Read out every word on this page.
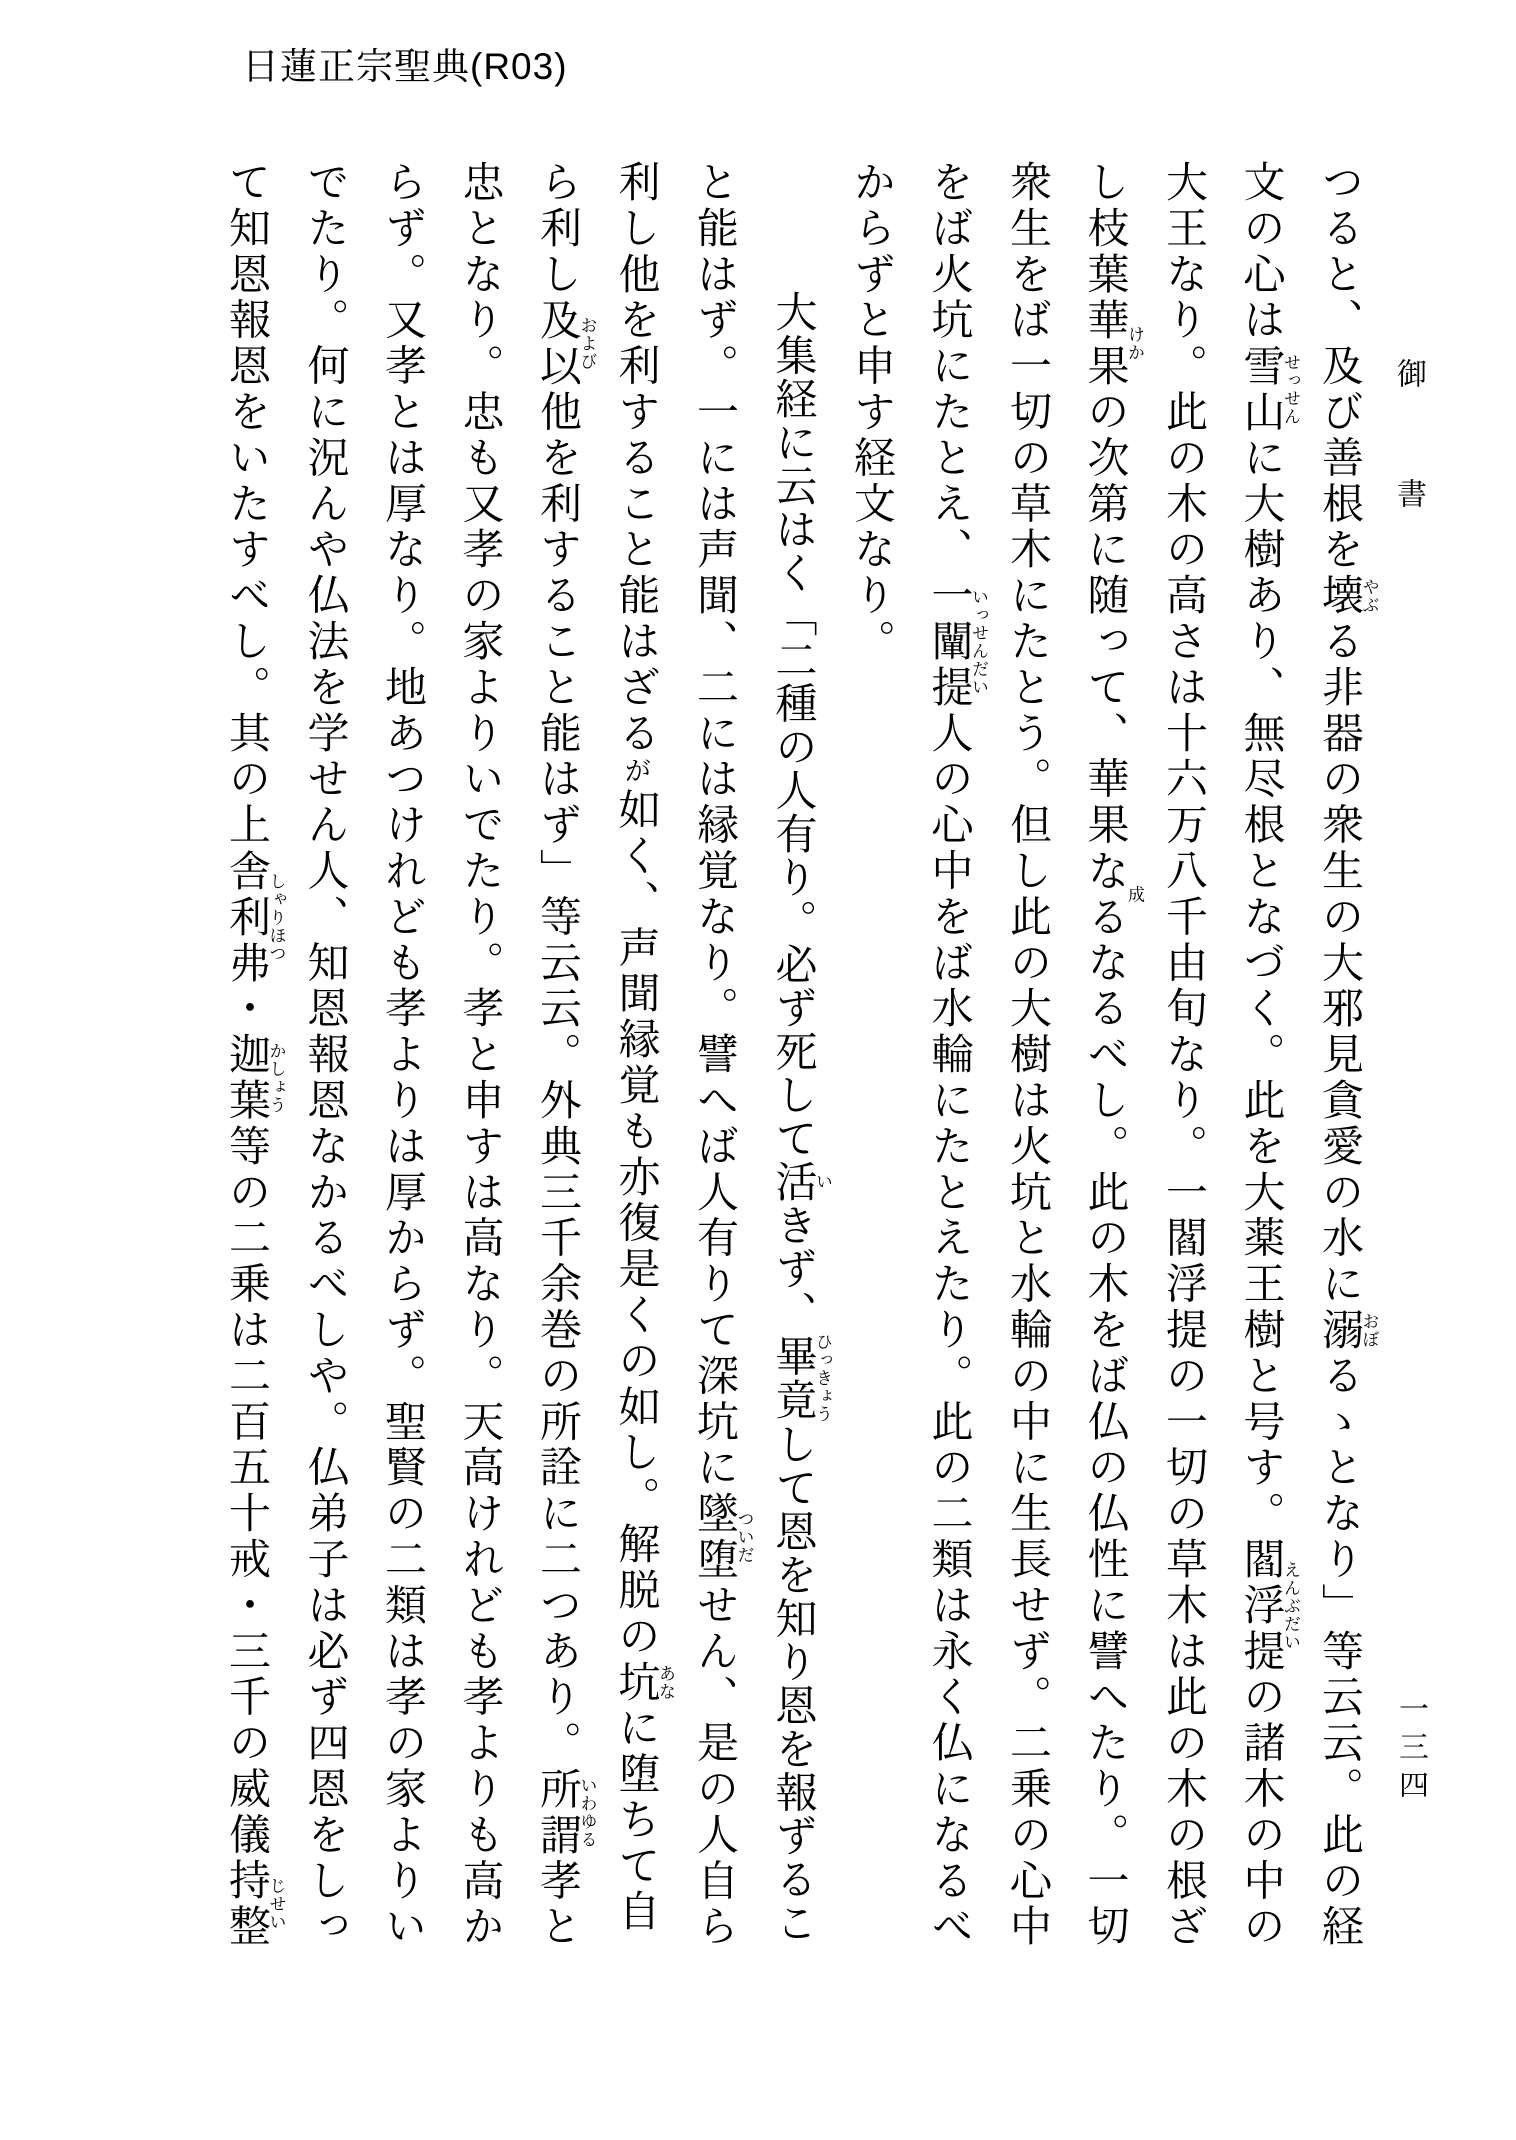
日蓮正宗聖典(R03)
御書
つると、及び善根を壊やぶる非器の衆生の大邪見貪愛の水に溺おぼるゝとなり」等云云。此の経
文の心は雪山せっせんに大樹あり、無尽根となづく。此を大薬王樹と号す。閻浮提えんぶだいの諸木の中の
大王なり。此の木の高さは十六万八千由旬なり。一閻浮提の一切の草木は此の木の根ざ
し枝葉華果けかの次第に随って、華果なる成なるべし。此の木をば仏の仏性に譬へたり。一切
衆生をば一切の草木にたとう。但し此の大樹は火坑と水輪の中に生長せず。二乗の心中
をば火坑にたとえ、一闡提いっせんだい人の心中をば水輪にたとえたり。此の二類は永く仏になるべ
からずと申す経文なり。
大集経に云はく「二種の人有り。必ず死して活いきず、畢竟ひっきょうして恩を知り恩を報ずるこ
と能はず。一には声聞、二には縁覚なり。譬へば人有りて深坑に墜堕ついだせん、是の人自ら
利し他を利すること能はざるが如く、声聞縁覚も亦復是くの如し。解脱の坑あなに堕ちて自
ら利し及以および他を利すること能はず」等云云。外典三千余巻の所詮に二つあり。所謂いわゆる孝と
忠となり。忠も又孝の家よりいでたり。孝と申すは高なり。天高けれども孝よりも高か
らず。又孝とは厚なり。地あつけれども孝よりは厚からず。聖賢の二類は孝の家よりい
でたり。何に況んや仏法を学せん人、知恩報恩なかるべしや。仏弟子は必ず四恩をしっ
て知恩報恩をいたすべし。其の上舎利弗しゃりほつ・迦葉かしょう等の二乗は二百五十戒・三千の威儀持整じせい
一三四
